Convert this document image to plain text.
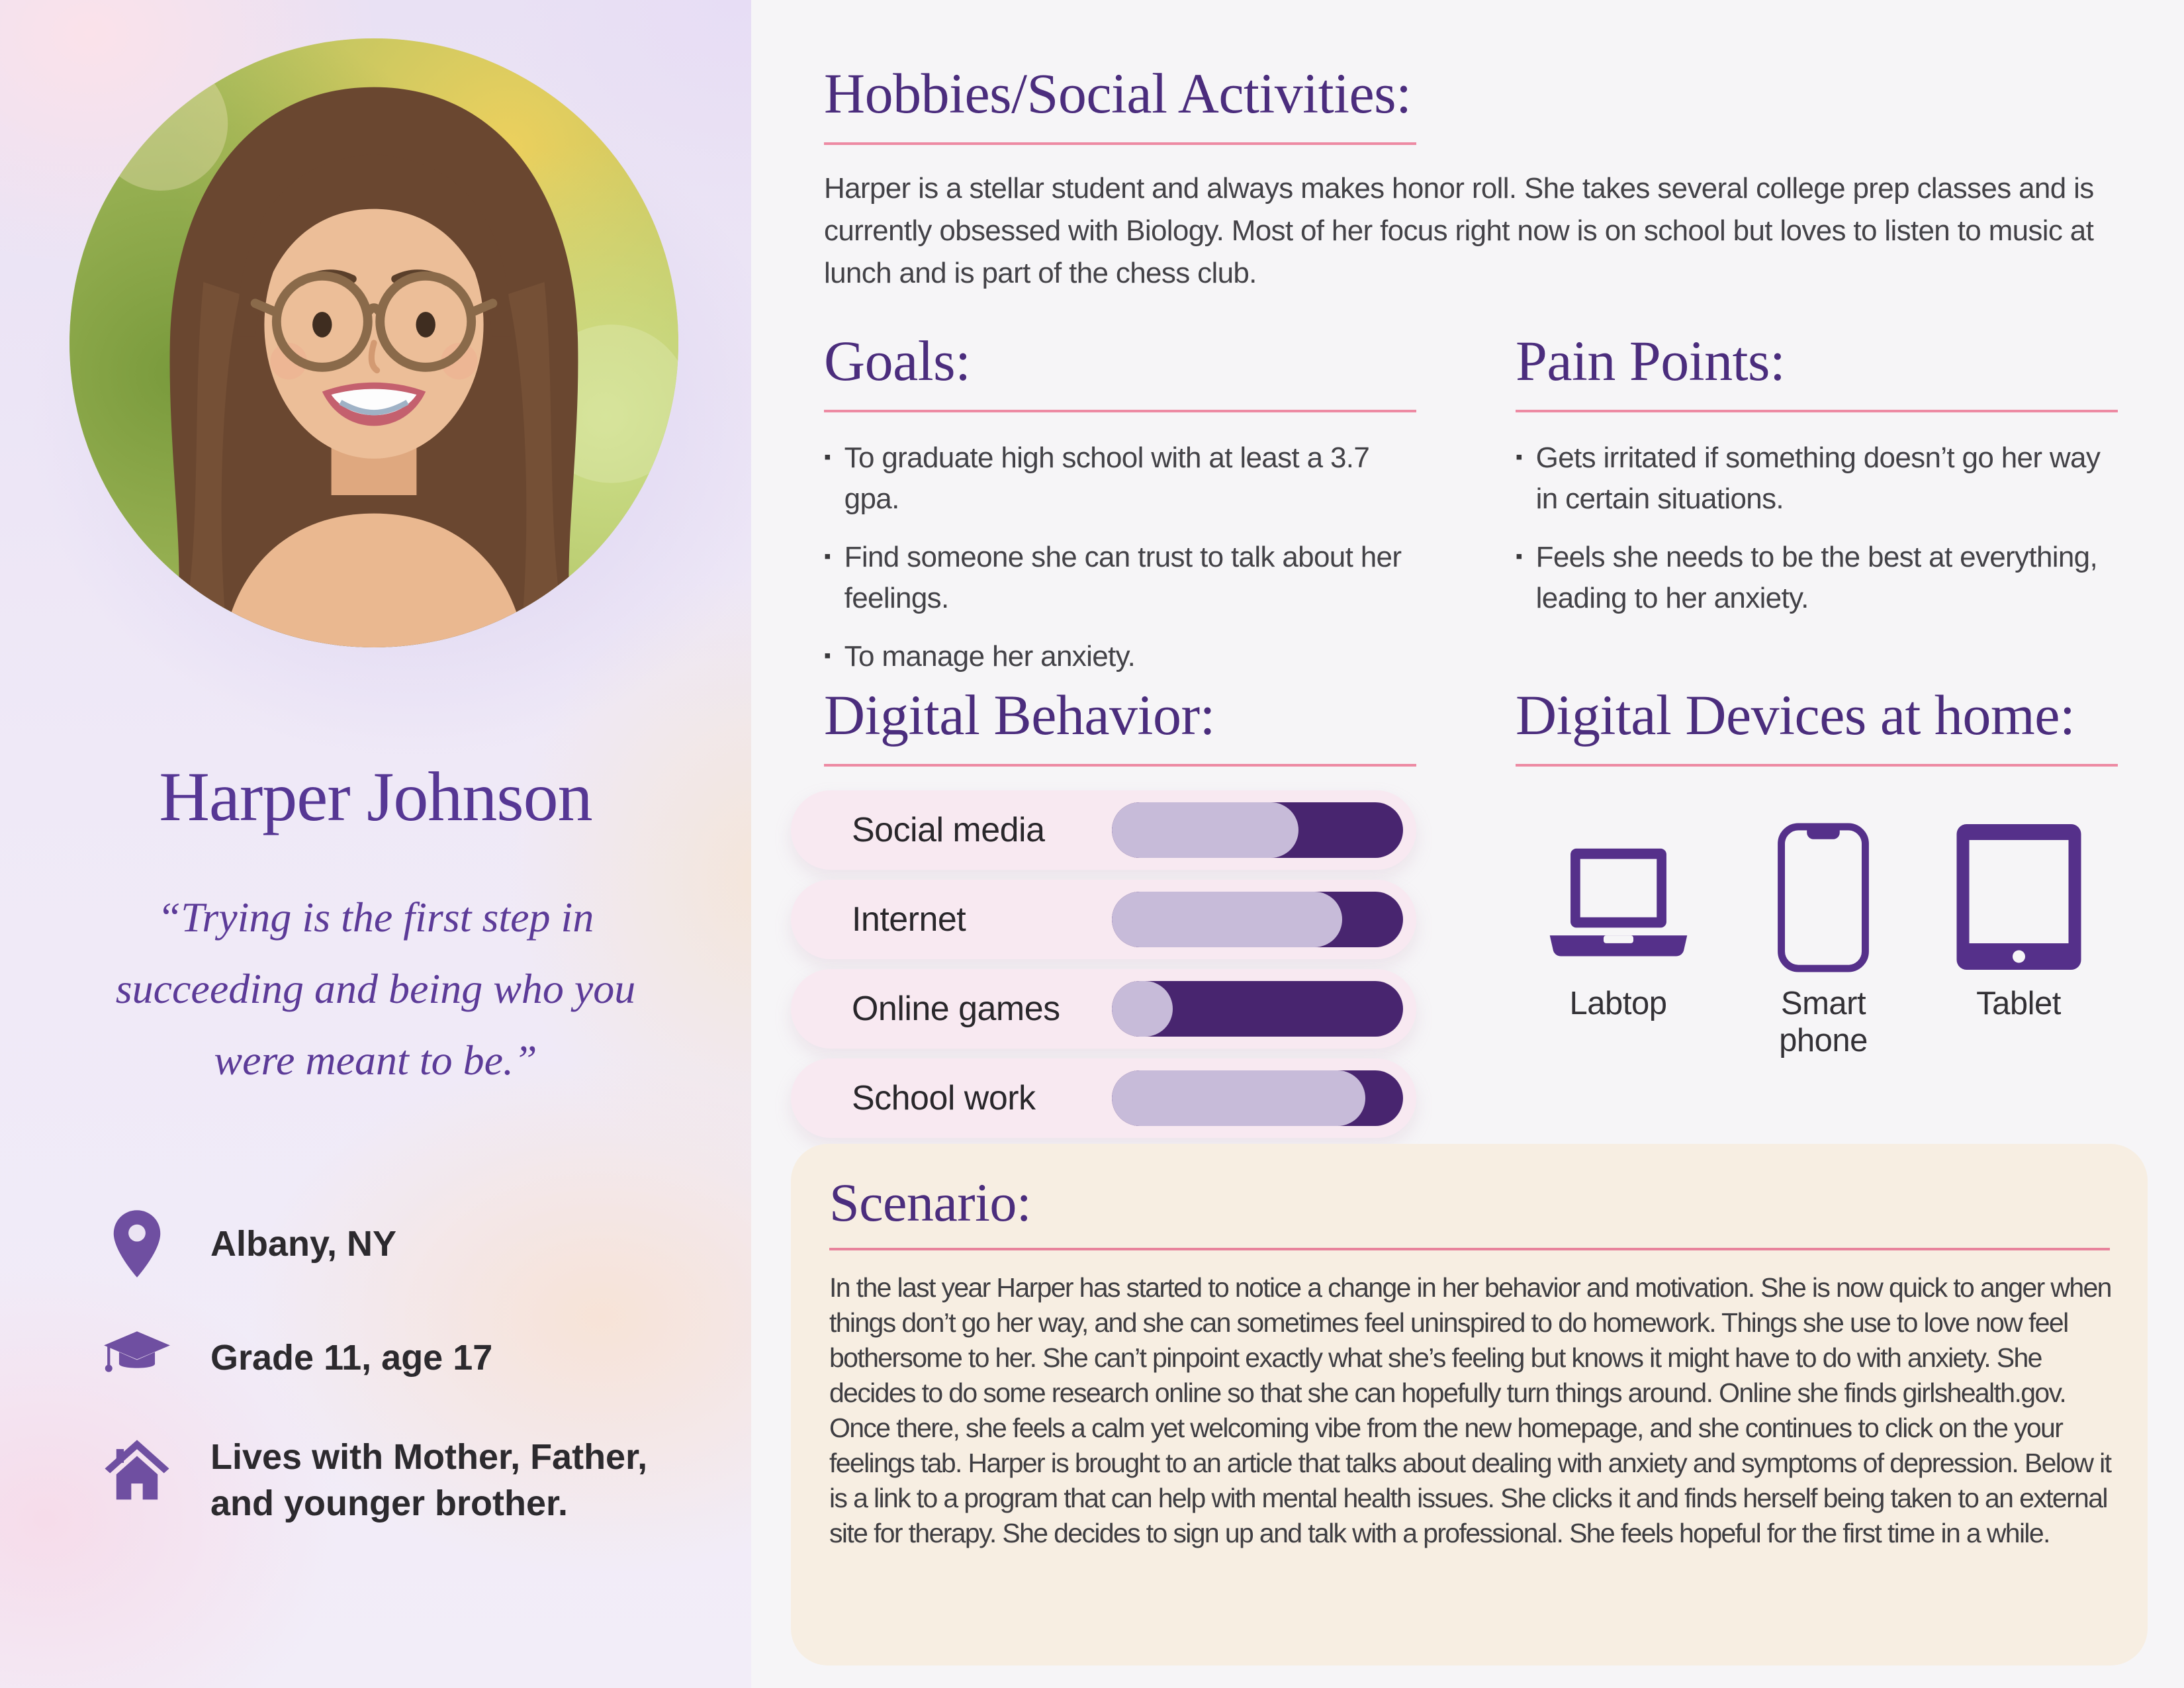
Harper Johnson
“Trying is the first step in succeeding and being who you were meant to be.”
Albany, NY
Grade 11, age 17
Lives with Mother, Father, and younger brother.
Hobbies/Social Activities:

Harper is a stellar student and always makes honor roll. She takes several college prep classes and is currently obsessed with Biology. Most of her focus right now is on school but loves to listen to music at lunch and is part of the chess club.

Goals:
▪ To graduate high school with at least a 3.7 gpa.
▪ Find someone she can trust to talk about her feelings.
▪ To manage her anxiety.
Pain Points:
▪ Gets irritated if something doesn’t go her way in certain situations.
▪ Feels she needs to be the best at everything, leading to her anxiety.
Digital Behavior:
Social media
Internet
Online games
School work
Digital Devices at home:
Labtop	Smart phone
Tablet
Scenario:

In the last year Harper has started to notice a change in her behavior and motivation. She is now quick to anger when things don’t go her way, and she can sometimes feel uninspired to do homework. Things she use to love now feel bothersome to her. She can’t pinpoint exactly what she’s feeling but knows it might have to do with anxiety. She decides to do some research online so that she can hopefully turn things around. Online she finds girlshealth.gov. Once there, she feels a calm yet welcoming vibe from the new homepage, and she continues to click on the your feelings tab. Harper is brought to an article that talks about dealing with anxiety and symptoms of depression. Below it is a link to a program that can help with mental health issues. She clicks it and finds herself being taken to an external site for therapy. She decides to sign up and talk with a professional. She feels hopeful for the first time in a while.
